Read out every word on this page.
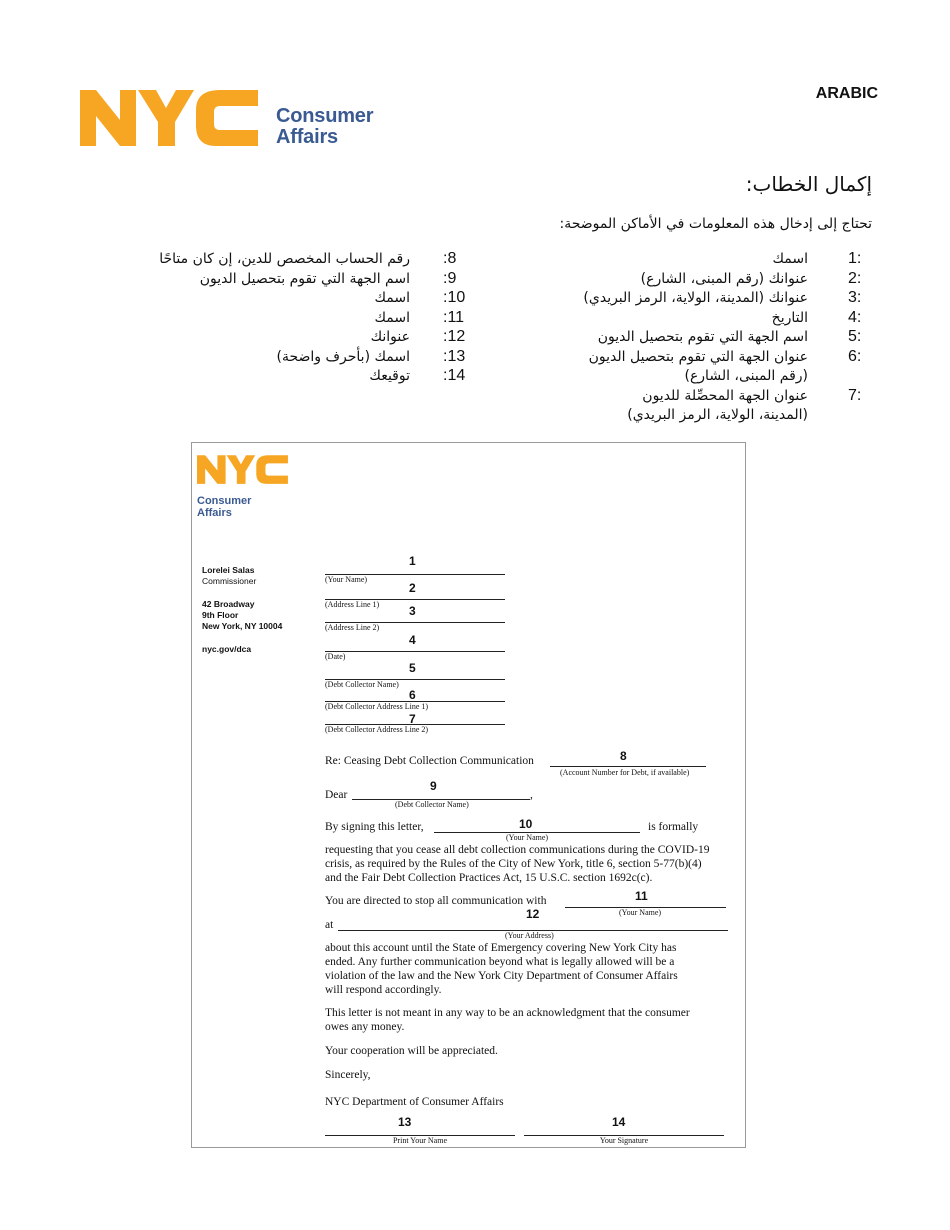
Consumer
Affairs
ARABIC
إكمال الخطاب:
تحتاج إلى إدخال هذه المعلومات في الأماكن الموضحة:
1:
اسمك
2:
عنوانك (رقم المبنى، الشارع)
3:
عنوانك (المدينة، الولاية، الرمز البريدي)
4:
التاريخ
5:
اسم الجهة التي تقوم بتحصيل الديون
6:
عنوان الجهة التي تقوم بتحصيل الديون
(رقم المبنى، الشارع)
7:
عنوان الجهة المحصِّلة للديون
(المدينة، الولاية، الرمز البريدي)
:8
رقم الحساب المخصص للدين، إن كان متاحًا
:9
اسم الجهة التي تقوم بتحصيل الديون
:10
اسمك
:11
اسمك
:12
عنوانك
:13
اسمك (بأحرف واضحة)
:14
توقيعك
Consumer
Affairs
Lorelei Salas
Commissioner
42 Broadway
9th Floor
New York, NY 10004
nyc.gov/dca
1
(Your Name)
2
(Address Line 1) 3
(Address Line 2)
4
(Date)
5
(Debt Collector Name)
6
(Debt Collector Address Line 1)
7
(Debt Collector Address Line 2)
Re: Ceasing Debt Collection Communication	8
(Account Number for Debt, if available)
9
Dear	,
(Debt Collector Name)
By signing this letter,	10
(Your Name)
is formally
requesting that you cease all debt collection communications during the COVID-19
crisis, as required by the Rules of the City of New York, title 6, section 5-77(b)(4)
and the Fair Debt Collection Practices Act, 15 U.S.C. section 1692c(c).
You are directed to stop all communication with	11
(Your Name)
at
12
(Your Address)
about this account until the State of Emergency covering New York City has
ended. Any further communication beyond what is legally allowed will be a
violation of the law and the New York City Department of Consumer Affairs
will respond accordingly.
This letter is not meant in any way to be an acknowledgment that the consumer
owes any money.
Your cooperation will be appreciated.
Sincerely,
NYC Department of Consumer Affairs
13
Print Your Name
14
Your Signature
